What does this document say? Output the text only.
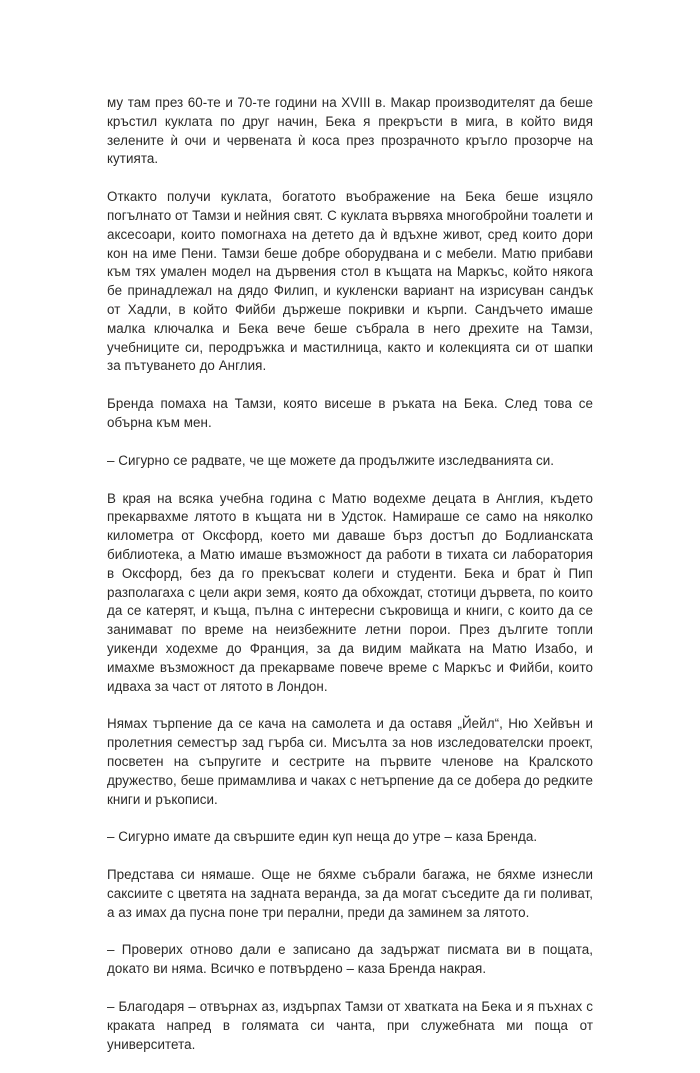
му там през 60-те и 70-те години на XVIII в. Макар производителят да беше кръстил куклата по друг начин, Бека я прекръсти в мига, в който видя зелените ѝ очи и червената ѝ коса през прозрачното кръгло прозорче на кутията.

Откакто получи куклата, богатото въображение на Бека беше изцяло погълнато от Тамзи и нейния свят. С куклата вървяха многобройни тоалети и аксесоари, които помогнаха на детето да ѝ вдъхне живот, сред които дори кон на име Пени. Тамзи беше добре оборудвана и с мебели. Матю прибави към тях умален модел на дървения стол в къщата на Маркъс, който някога бе принадлежал на дядо Филип, и кукленски вариант на изрисуван сандък от Хадли, в който Фийби държеше покривки и кърпи. Сандъчето имаше малка ключалка и Бека вече беше събрала в него дрехите на Тамзи, учебниците си, перодръжка и мастилница, както и колекцията си от шапки за пътуването до Англия.

Бренда помаха на Тамзи, която висеше в ръката на Бека. След това се обърна към мен.

– Сигурно се радвате, че ще можете да продължите изследванията си.

В края на всяка учебна година с Матю водехме децата в Англия, където прекарвахме лятото в къщата ни в Удсток. Намираше се само на няколко километра от Оксфорд, което ми даваше бърз достъп до Бодлианската библиотека, а Матю имаше възможност да работи в тихата си лаборатория в Оксфорд, без да го прекъсват колеги и студенти. Бека и брат ѝ Пип разполагаха с цели акри земя, която да обхождат, стотици дървета, по които да се катерят, и къща, пълна с интересни съкровища и книги, с които да се занимават по време на неизбежните летни порои. През дългите топли уикенди ходехме до Франция, за да видим майката на Матю Изабо, и имахме възможност да прекарваме повече време с Маркъс и Фийби, които идваха за част от лятото в Лондон.

Нямах търпение да се кача на самолета и да оставя „Йейл“, Ню Хейвън и пролетния семестър зад гърба си. Мисълта за нов изследователски проект, посветен на съпругите и сестрите на първите членове на Кралското дружество, беше примамлива и чаках с нетърпение да се добера до редките книги и ръкописи.

– Сигурно имате да свършите един куп неща до утре – каза Бренда.

Представа си нямаше. Още не бяхме събрали багажа, не бяхме изнесли саксиите с цветята на задната веранда, за да могат съседите да ги поливат, а аз имах да пусна поне три перални, преди да заминем за лятото.

– Проверих отново дали е записано да задържат писмата ви в пощата, докато ви няма. Всичко е потвърдено – каза Бренда накрая.

– Благодаря – отвърнах аз, издърпах Тамзи от хватката на Бека и я пъхнах с краката напред в голямата си чанта, при служебната ми поща от университета.
